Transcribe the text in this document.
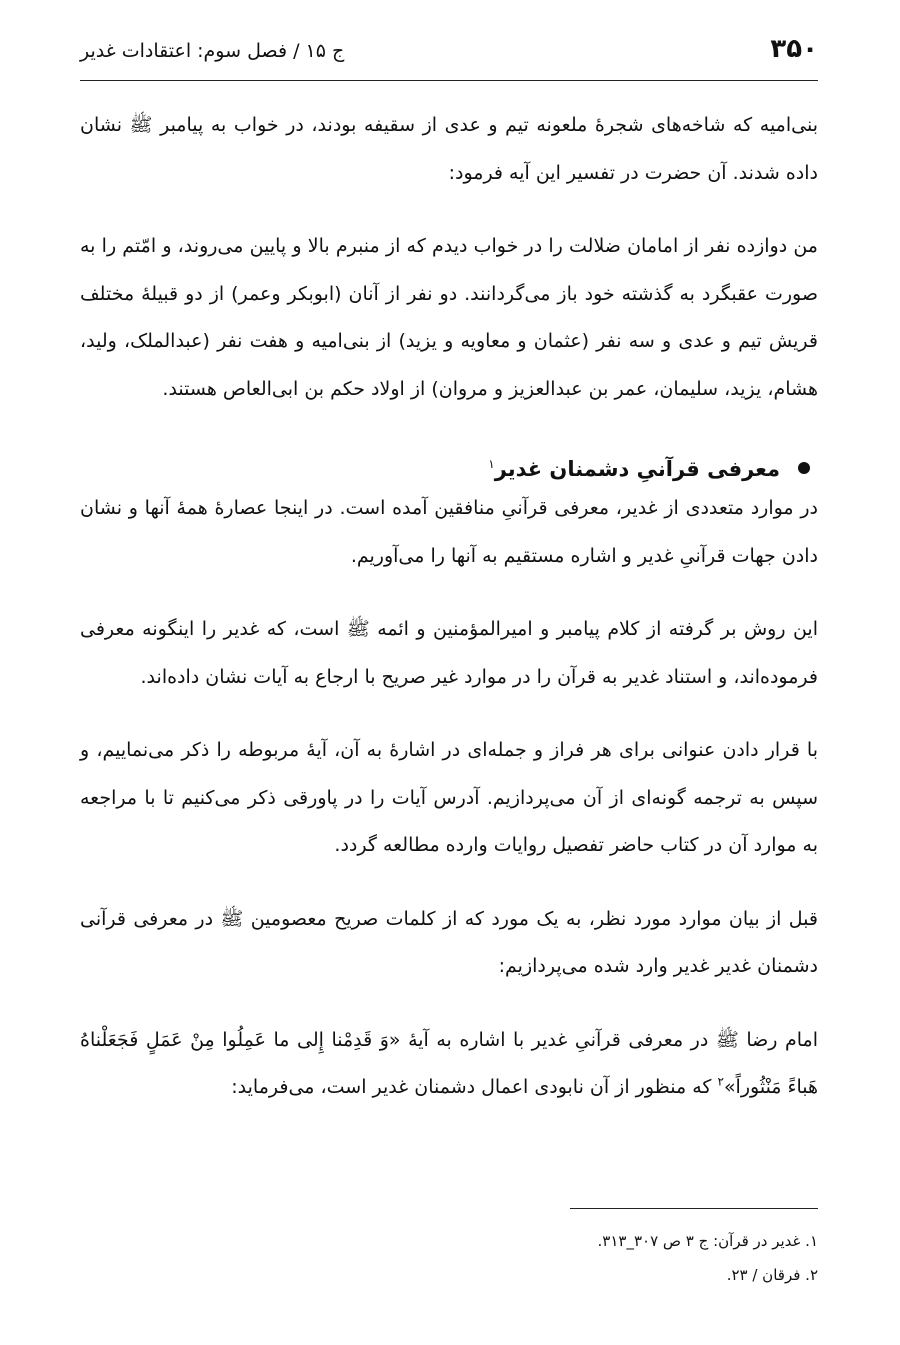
۳۵۰
ج ۱۵ / فصل سوم: اعتقادات غدیر

بنی‌امیه که شاخه‌های شجرهٔ ملعونه تیم و عدی از سقیفه بودند، در خواب به پیامبر ﷺ نشان داده شدند. آن حضرت در تفسیر این آیه فرمود:

من دوازده نفر از امامان ضلالت را در خواب دیدم که از منبرم بالا و پایین می‌روند، و امّتم را به صورت عقبگرد به گذشته خود باز می‌گردانند. دو نفر از آنان (ابوبکر وعمر) از دو قبیلهٔ مختلف قریش تیم و عدی و سه نفر (عثمان و معاویه و یزید) از بنی‌امیه و هفت نفر (عبدالملک، ولید، هشام، یزید، سلیمان، عمر بن عبدالعزیز و مروان) از اولاد حکم بن ابی‌العاص هستند.

معرفی قرآنیِ دشمنان غدیر$^۱$

در موارد متعددی از غدیر، معرفی قرآنیِ منافقین آمده است. در اینجا عصارهٔ همهٔ آنها و نشان دادن جهات قرآنیِ غدیر و اشاره مستقیم به آنها را می‌آوریم.

این روش بر گرفته از کلام پیامبر و امیرالمؤمنین و ائمه ﷺ است، که غدیر را اینگونه معرفی فرموده‌اند، و استناد غدیر به قرآن را در موارد غیر صریح با ارجاع به آیات نشان داده‌اند.

با قرار دادن عنوانی برای هر فراز و جمله‌ای در اشارهٔ به آن، آیهٔ مربوطه را ذکر می‌نماییم، و سپس به ترجمه گونه‌ای از آن می‌پردازیم. آدرس آیات را در پاورقی ذکر می‌کنیم تا با مراجعه به موارد آن در کتاب حاضر تفصیل روایات وارده مطالعه گردد.

قبل از بیان موارد مورد نظر، به یک مورد که از کلمات صریح معصومین ﷺ در معرفی قرآنی دشمنان غدیر غدیر وارد شده می‌پردازیم:

امام رضا ﷺ در معرفی قرآنیِ غدیر با اشاره به آیهٔ «وَ قَدِمْنا إِلی ما عَمِلُوا مِنْ عَمَلٍ فَجَعَلْناهُ هَباءً مَنْثُوراً»$^۲$ که منظور از آن نابودی اعمال دشمنان غدیر است، می‌فرماید:

۱. غدیر در قرآن: ج ۳ ص ۳۰۷_۳۱۳.

۲. فرقان / ۲۳.
